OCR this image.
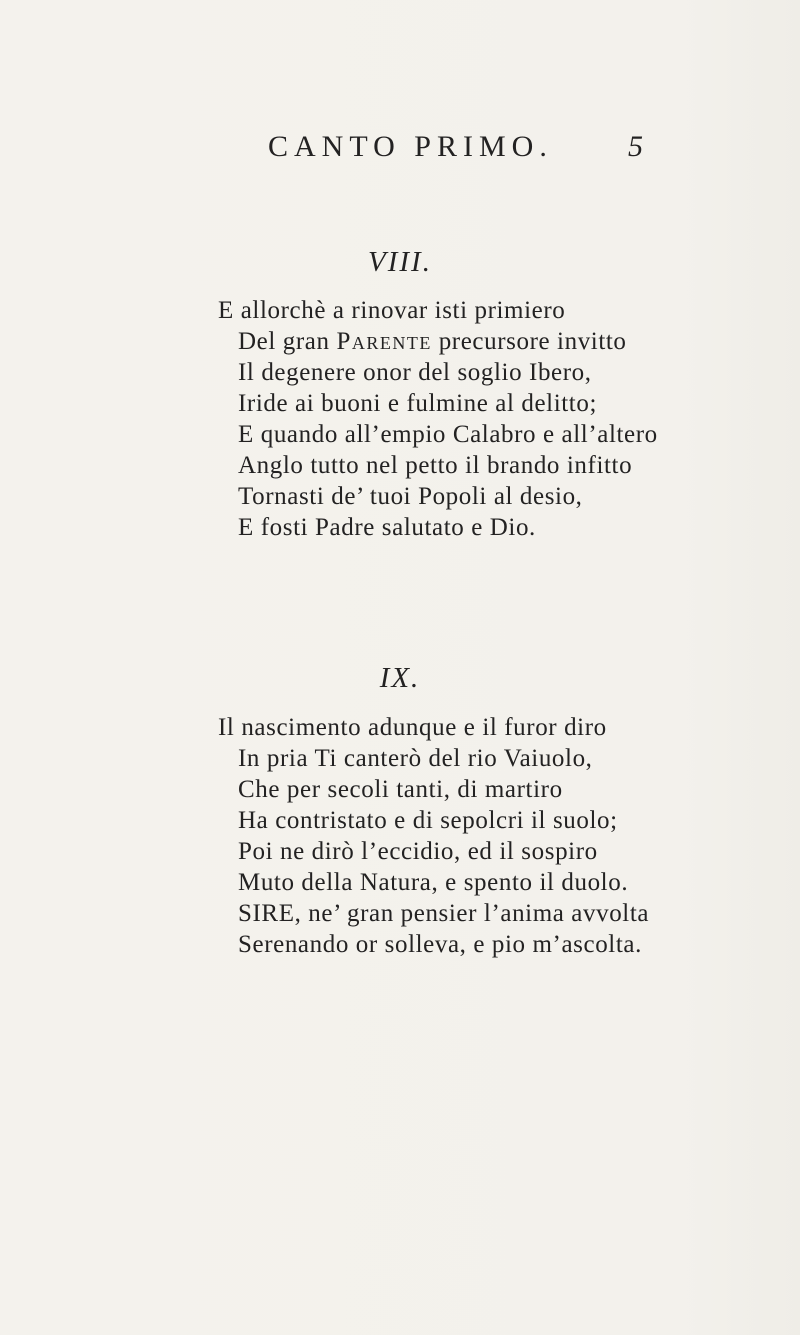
CANTO PRIMO.	5
VIII.
E allorchè a rinovar isti primiero
Del gran Parente precursore invitto
Il degenere onor del soglio Ibero,
Iride ai buoni e fulmine al delitto;
E quando all’empio Calabro e all’altero
Anglo tutto nel petto il brando infitto
Tornasti de’ tuoi Popoli al desio,
E fosti Padre salutato e Dio.
IX.
Il nascimento adunque e il furor diro
In pria Ti canterò del rio Vaiuolo,
Che per secoli tanti, di martiro
Ha contristato e di sepolcri il suolo;
Poi ne dirò l’eccidio, ed il sospiro
Muto della Natura, e spento il duolo.
SIRE, ne’ gran pensier l’anima avvolta
Serenando or solleva, e pio m’ascolta.
